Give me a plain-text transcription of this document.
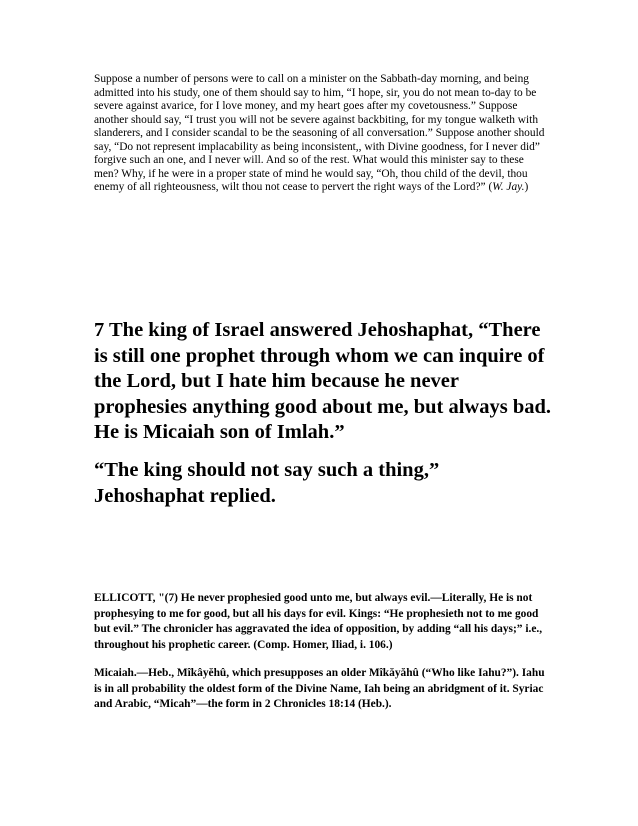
Suppose a number of persons were to call on a minister on the Sabbath-day morning, and being admitted into his study, one of them should say to him, “I hope, sir, you do not mean to-day to be severe against avarice, for I love money, and my heart goes after my covetousness.” Suppose another should say, “I trust you will not be severe against backbiting, for my tongue walketh with slanderers, and I consider scandal to be the seasoning of all conversation.” Suppose another should say, “Do not represent implacability as being inconsistent,, with Divine goodness, for I never did” forgive such an one, and I never will. And so of the rest. What would this minister say to these men? Why, if he were in a proper state of mind he would say, “Oh, thou child of the devil, thou enemy of all righteousness, wilt thou not cease to pervert the right ways of the Lord?” (W. Jay.)

7 The king of Israel answered Jehoshaphat, “There is still one prophet through whom we can inquire of the Lord, but I hate him because he never prophesies anything good about me, but always bad. He is Micaiah son of Imlah.”

“The king should not say such a thing,” Jehoshaphat replied.

ELLICOTT, "(7) He never prophesied good unto me, but always evil.—Literally, He is not prophesying to me for good, but all his days for evil. Kings: “He prophesieth not to me good but evil.” The chronicler has aggravated the idea of opposition, by adding “all his days;” i.e., throughout his prophetic career. (Comp. Homer, Iliad, i. 106.)

Micaiah.—Heb., Mîkâyĕhû, which presupposes an older Mîkăyăhû (“Who like Iahu?”). Iahu is in all probability the oldest form of the Divine Name, Iah being an abridgment of it. Syriac and Arabic, “Micah”—the form in 2 Chronicles 18:14 (Heb.).
